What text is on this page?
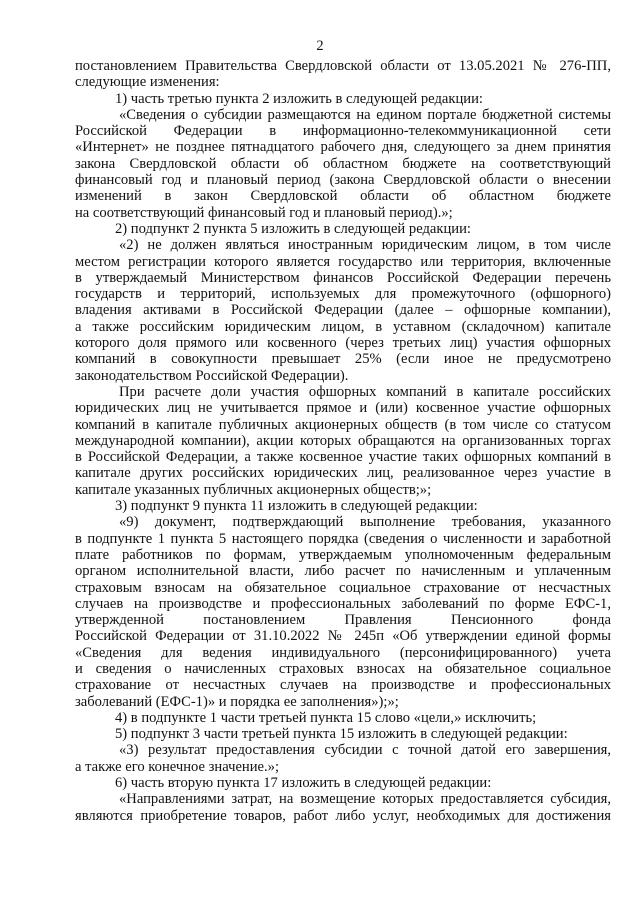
2
постановлением Правительства Свердловской области от 13.05.2021 № 276-ПП,
следующие изменения:
1) часть третью пункта 2 изложить в следующей редакции:
«Сведения о субсидии размещаются на едином портале бюджетной системы
Российской Федерации в информационно-телекоммуникационной сети
«Интернет» не позднее пятнадцатого рабочего дня, следующего за днем принятия
закона Свердловской области об областном бюджете на соответствующий
финансовый год и плановый период (закона Свердловской области о внесении
изменений в закон Свердловской области об областном бюджете
на соответствующий финансовый год и плановый период).»;
2) подпункт 2 пункта 5 изложить в следующей редакции:
«2) не должен являться иностранным юридическим лицом, в том числе
местом регистрации которого является государство или территория, включенные
в утверждаемый Министерством финансов Российской Федерации перечень
государств и территорий, используемых для промежуточного (офшорного)
владения активами в Российской Федерации (далее – офшорные компании),
а также российским юридическим лицом, в уставном (складочном) капитале
которого доля прямого или косвенного (через третьих лиц) участия офшорных
компаний в совокупности превышает 25% (если иное не предусмотрено
законодательством Российской Федерации).
При расчете доли участия офшорных компаний в капитале российских
юридических лиц не учитывается прямое и (или) косвенное участие офшорных
компаний в капитале публичных акционерных обществ (в том числе со статусом
международной компании), акции которых обращаются на организованных торгах
в Российской Федерации, а также косвенное участие таких офшорных компаний в
капитале других российских юридических лиц, реализованное через участие в
капитале указанных публичных акционерных обществ;»;
3) подпункт 9 пункта 11 изложить в следующей редакции:
«9) документ, подтверждающий выполнение требования, указанного
в подпункте 1 пункта 5 настоящего порядка (сведения о численности и заработной
плате работников по формам, утверждаемым уполномоченным федеральным
органом исполнительной власти, либо расчет по начисленным и уплаченным
страховым взносам на обязательное социальное страхование от несчастных
случаев на производстве и профессиональных заболеваний по форме ЕФС-1,
утвержденной постановлением Правления Пенсионного фонда
Российской Федерации от 31.10.2022 № 245п «Об утверждении единой формы
«Сведения для ведения индивидуального (персонифицированного) учета
и сведения о начисленных страховых взносах на обязательное социальное
страхование от несчастных случаев на производстве и профессиональных
заболеваний (ЕФС-1)» и порядка ее заполнения»);»;
4) в подпункте 1 части третьей пункта 15 слово «цели,» исключить;
5) подпункт 3 части третьей пункта 15 изложить в следующей редакции:
«3) результат предоставления субсидии с точной датой его завершения,
а также его конечное значение.»;
6) часть вторую пункта 17 изложить в следующей редакции:
«Направлениями затрат, на возмещение которых предоставляется субсидия,
являются приобретение товаров, работ либо услуг, необходимых для достижения
